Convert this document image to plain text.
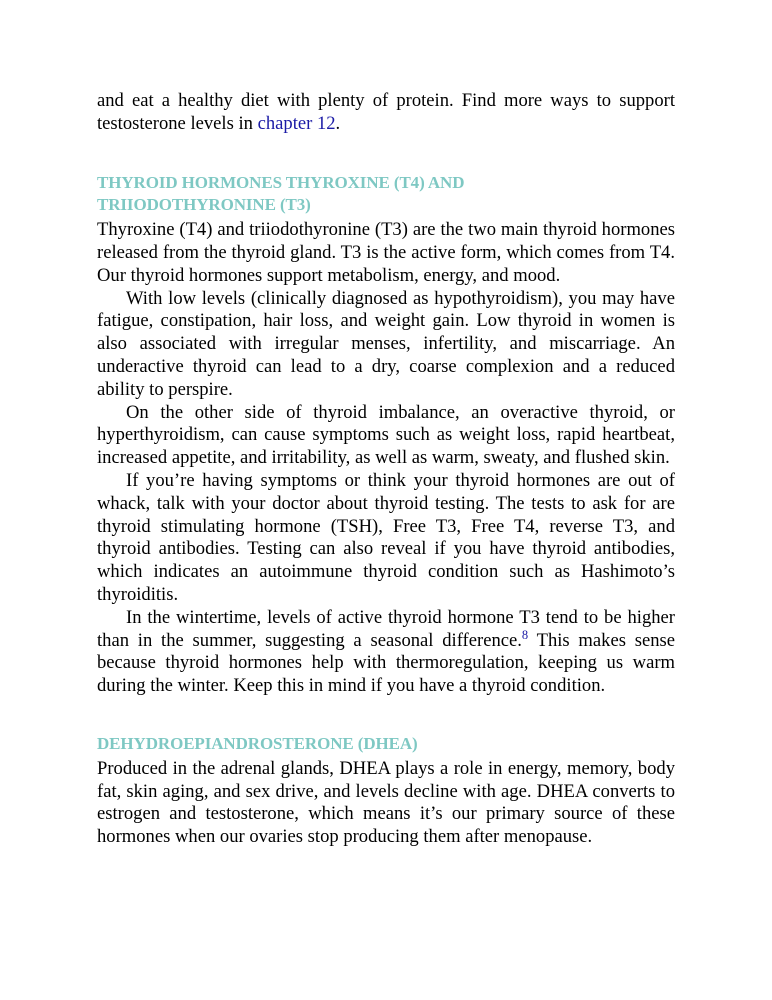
and eat a healthy diet with plenty of protein. Find more ways to support testosterone levels in chapter 12.

THYROID HORMONES THYROXINE (T4) AND
TRIIODOTHYRONINE (T3)

Thyroxine (T4) and triiodothyronine (T3) are the two main thyroid hormones released from the thyroid gland. T3 is the active form, which comes from T4. Our thyroid hormones support metabolism, energy, and mood.

With low levels (clinically diagnosed as hypothyroidism), you may have fatigue, constipation, hair loss, and weight gain. Low thyroid in women is also associated with irregular menses, infertility, and miscarriage. An underactive thyroid can lead to a dry, coarse complexion and a reduced ability to perspire.

On the other side of thyroid imbalance, an overactive thyroid, or hyperthyroidism, can cause symptoms such as weight loss, rapid heartbeat, increased appetite, and irritability, as well as warm, sweaty, and flushed skin.

If you’re having symptoms or think your thyroid hormones are out of whack, talk with your doctor about thyroid testing. The tests to ask for are thyroid stimulating hormone (TSH), Free T3, Free T4, reverse T3, and thyroid antibodies. Testing can also reveal if you have thyroid antibodies, which indicates an autoimmune thyroid condition such as Hashimoto’s thyroiditis.

In the wintertime, levels of active thyroid hormone T3 tend to be higher than in the summer, suggesting a seasonal difference.$^8$ This makes sense because thyroid hormones help with thermoregulation, keeping us warm during the winter. Keep this in mind if you have a thyroid condition.

DEHYDROEPIANDROSTERONE (DHEA)

Produced in the adrenal glands, DHEA plays a role in energy, memory, body fat, skin aging, and sex drive, and levels decline with age. DHEA converts to estrogen and testosterone, which means it’s our primary source of these hormones when our ovaries stop producing them after menopause.
